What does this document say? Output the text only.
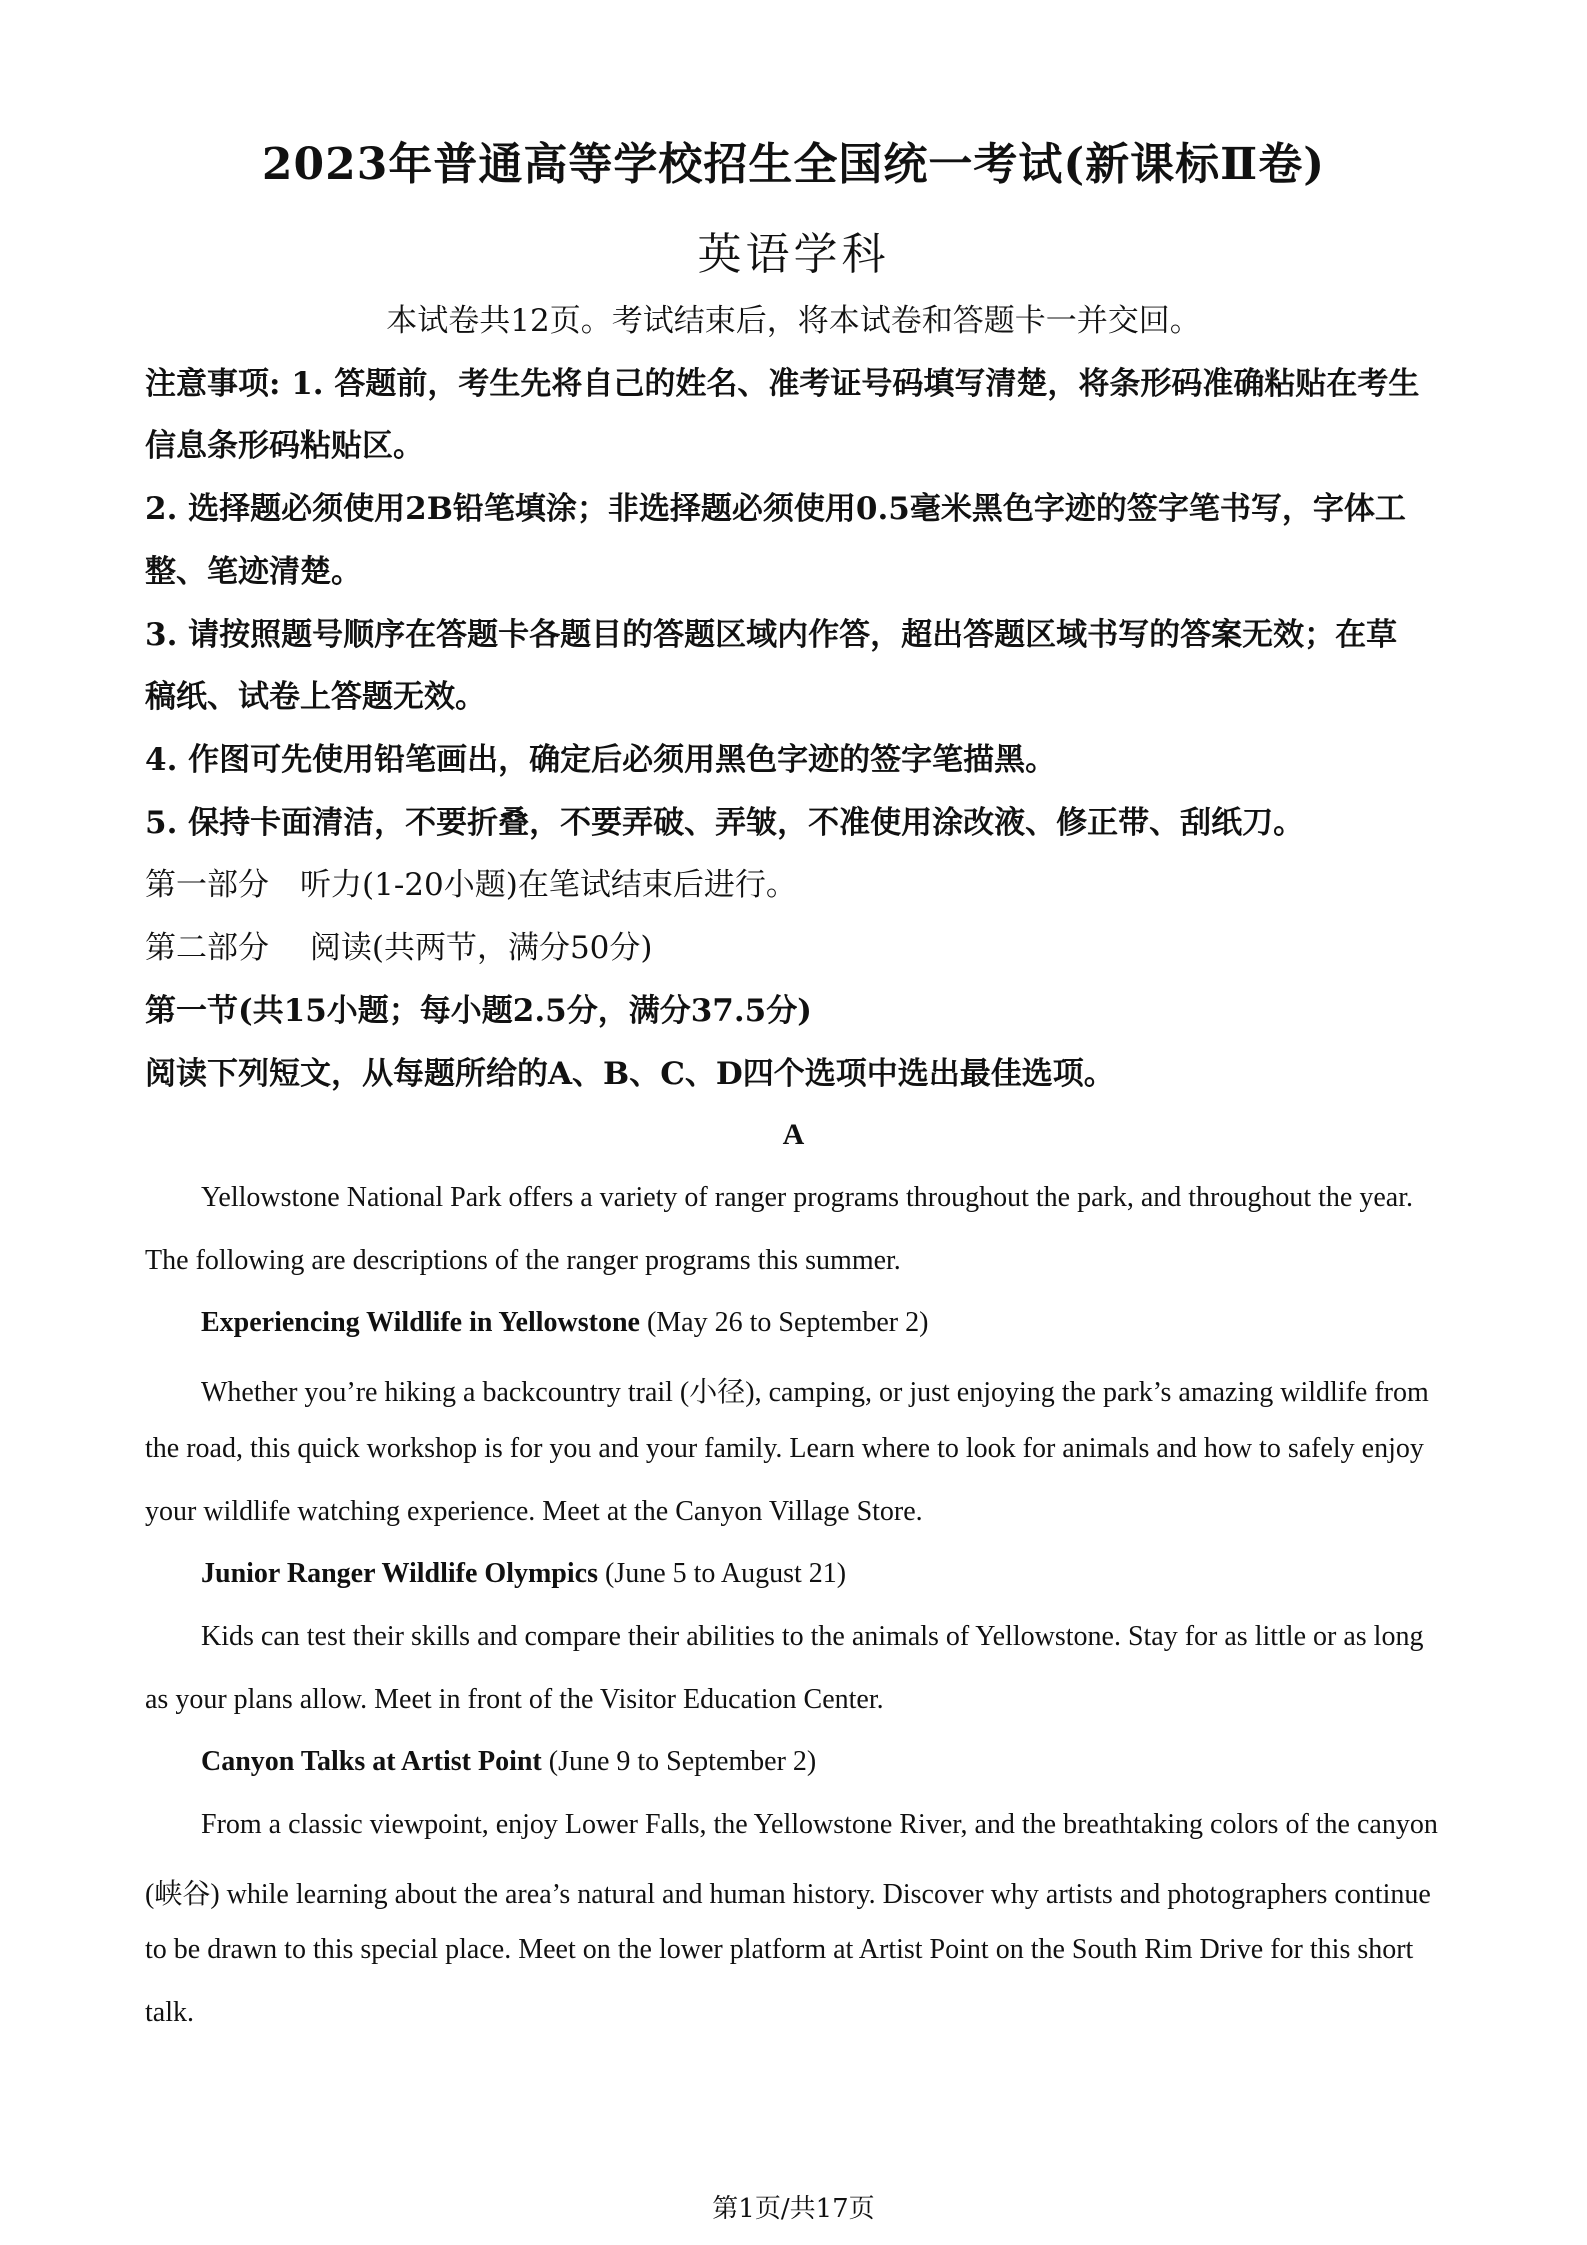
2023年普通高等学校招生全国统一考试(新课标Ⅱ卷)
英语学科
本试卷共12页。考试结束后，将本试卷和答题卡一并交回。
注意事项: 1. 答题前，考生先将自己的姓名、准考证号码填写清楚，将条形码准确粘贴在考生
信息条形码粘贴区。
2. 选择题必须使用2B铅笔填涂；非选择题必须使用0.5毫米黑色字迹的签字笔书写，字体工
整、笔迹清楚。
3. 请按照题号顺序在答题卡各题目的答题区域内作答，超出答题区域书写的答案无效；在草
稿纸、试卷上答题无效。
4. 作图可先使用铅笔画出，确定后必须用黑色字迹的签字笔描黑。
5. 保持卡面清洁，不要折叠，不要弄破、弄皱，不准使用涂改液、修正带、刮纸刀。
第一部分　听力(1-20小题)在笔试结束后进行。
第二部分　 阅读(共两节，满分50分)
第一节(共15小题；每小题2.5分，满分37.5分)
阅读下列短文，从每题所给的A、B、C、D四个选项中选出最佳选项。
A
Yellowstone National Park offers a variety of ranger programs throughout the park, and throughout the year.
The following are descriptions of the ranger programs this summer.
Experiencing Wildlife in Yellowstone (May 26 to September 2)
Whether you’re hiking a backcountry trail (小径), camping, or just enjoying the park’s amazing wildlife from
the road, this quick workshop is for you and your family. Learn where to look for animals and how to safely enjoy
your wildlife watching experience. Meet at the Canyon Village Store.
Junior Ranger Wildlife Olympics (June 5 to August 21)
Kids can test their skills and compare their abilities to the animals of Yellowstone. Stay for as little or as long
as your plans allow. Meet in front of the Visitor Education Center.
Canyon Talks at Artist Point (June 9 to September 2)
From a classic viewpoint, enjoy Lower Falls, the Yellowstone River, and the breathtaking colors of the canyon
(峡谷) while learning about the area’s natural and human history. Discover why artists and photographers continue
to be drawn to this special place. Meet on the lower platform at Artist Point on the South Rim Drive for this short
talk.
第1页/共17页
